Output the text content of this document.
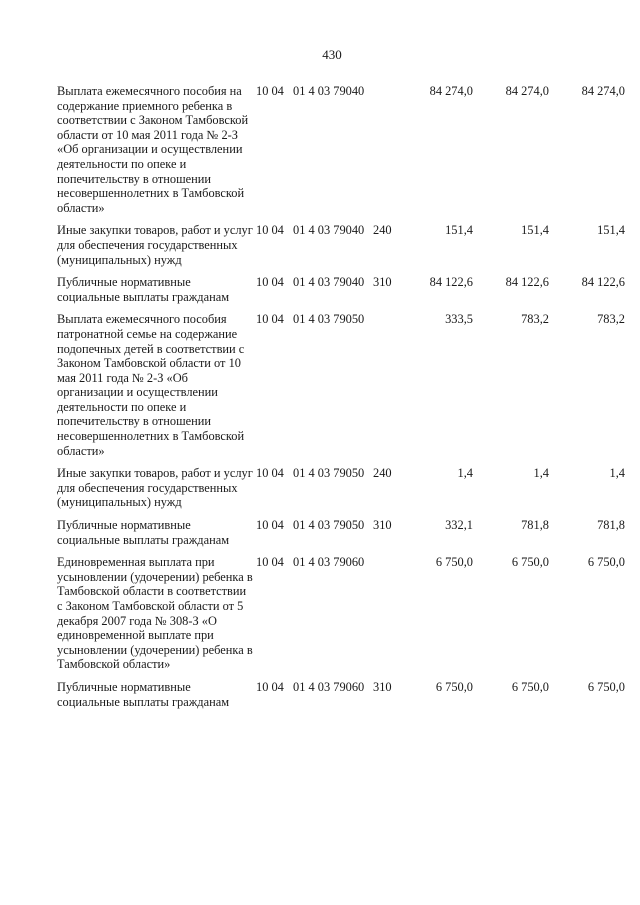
430
Выплата ежемесячного пособия на содержание приемного ребенка в соответствии с Законом Тамбовской области от 10 мая 2011 года № 2-З «Об организации и осуществлении деятельности по опеке и попечительству в отношении несовершеннолетних в Тамбовской области»
10 04 01 4 03 79040	84 274,0	84 274,0	84 274,0
Иные закупки товаров, работ и услуг для обеспечения государственных (муниципальных) нужд
10 04 01 4 03 79040 240	151,4	151,4	151,4
Публичные нормативные социальные выплаты гражданам
10 04 01 4 03 79040 310	84 122,6	84 122,6	84 122,6
Выплата ежемесячного пособия патронатной семье на содержание подопечных детей в соответствии с Законом Тамбовской области от 10 мая 2011 года № 2-З «Об организации и осуществлении деятельности по опеке и попечительству в отношении несовершеннолетних в Тамбовской области»
10 04 01 4 03 79050	333,5	783,2	783,2
Иные закупки товаров, работ и услуг для обеспечения государственных (муниципальных) нужд
10 04 01 4 03 79050 240	1,4	1,4	1,4
Публичные нормативные социальные выплаты гражданам
10 04 01 4 03 79050 310	332,1	781,8	781,8
Единовременная выплата при усыновлении (удочерении) ребенка в Тамбовской области в соответствии с Законом Тамбовской области от 5 декабря 2007 года № 308-З «О единовременной выплате при усыновлении (удочерении) ребенка в Тамбовской области»
10 04 01 4 03 79060	6 750,0	6 750,0	6 750,0
Публичные нормативные социальные выплаты гражданам
10 04 01 4 03 79060 310	6 750,0	6 750,0	6 750,0
